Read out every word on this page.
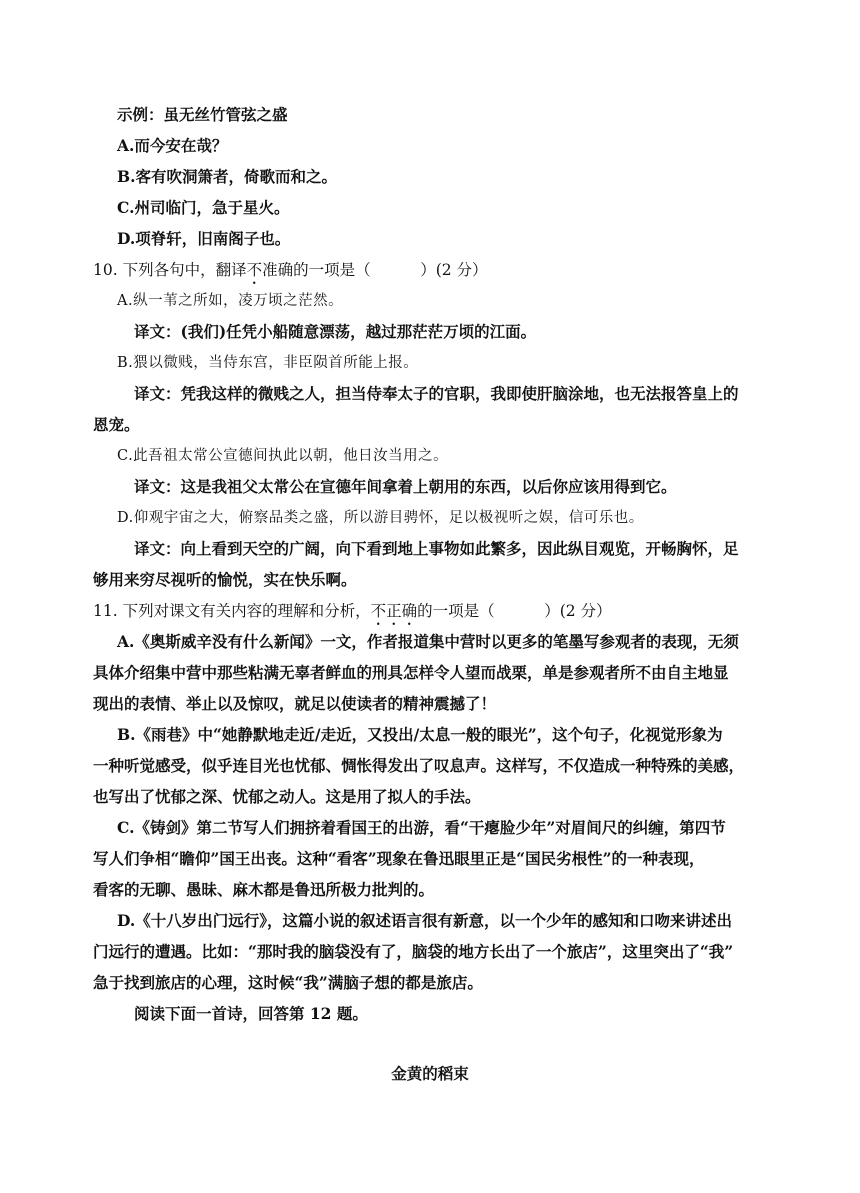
示例：虽无丝竹管弦之盛
A.而今安在哉？
B.客有吹洞箫者，倚歌而和之。
C.州司临门，急于星火。
D.项脊轩，旧南阁子也。
10. 下列各句中，翻译不准确的一项是（	）(2 分）
A.纵一苇之所如，凌万顷之茫然。
译文：(我们)任凭小船随意漂荡，越过那茫茫万顷的江面。
B.猥以微贱，当侍东宫，非臣陨首所能上报。
译文：凭我这样的微贱之人，担当侍奉太子的官职，我即使肝脑涂地，也无法报答皇上的
恩宠。
C.此吾祖太常公宣德间执此以朝，他日汝当用之。
译文：这是我祖父太常公在宣德年间拿着上朝用的东西，以后你应该用得到它。
D.仰观宇宙之大，俯察品类之盛，所以游目骋怀，足以极视听之娱，信可乐也。
译文：向上看到天空的广阔，向下看到地上事物如此繁多，因此纵目观览，开畅胸怀，足
够用来穷尽视听的愉悦，实在快乐啊。
11. 下列对课文有关内容的理解和分析，不正确的一项是（	）(2 分）
A.《奥斯威辛没有什么新闻》一文，作者报道集中营时以更多的笔墨写参观者的表现，无须
具体介绍集中营中那些粘满无辜者鲜血的刑具怎样令人望而战栗，单是参观者所不由自主地显
现出的表情、举止以及惊叹，就足以使读者的精神震撼了！
B.《雨巷》中“她静默地走近/走近，又投出/太息一般的眼光”，这个句子，化视觉形象为
一种听觉感受，似乎连目光也忧郁、惆怅得发出了叹息声。这样写，不仅造成一种特殊的美感，
也写出了忧郁之深、忧郁之动人。这是用了拟人的手法。
C.《铸剑》第二节写人们拥挤着看国王的出游，看“干瘪脸少年”对眉间尺的纠缠，第四节
写人们争相“瞻仰”国王出丧。这种“看客”现象在鲁迅眼里正是“国民劣根性”的一种表现，
看客的无聊、愚昧、麻木都是鲁迅所极力批判的。
D.《十八岁出门远行》，这篇小说的叙述语言很有新意，以一个少年的感知和口吻来讲述出
门远行的遭遇。比如：“那时我的脑袋没有了，脑袋的地方长出了一个旅店”，这里突出了“我”
急于找到旅店的心理，这时候“我”满脑子想的都是旅店。
阅读下面一首诗，回答第 12 题。
金黄的稻束
